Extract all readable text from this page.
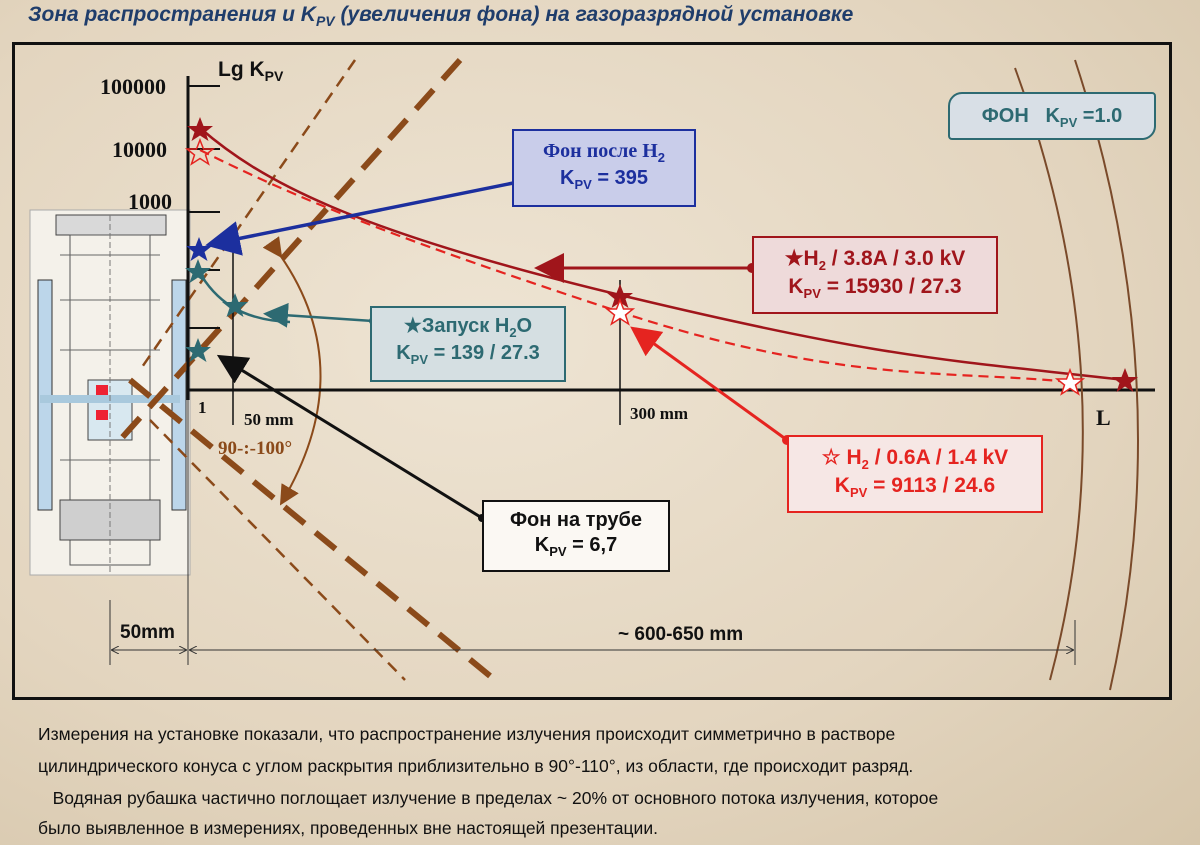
Зона распространения и $K_{PV}$ (увеличения фона) на газоразрядной установке
Lg $K_{PV}$
100000
10000
1000
1
50 mm	300 mm	L
90-:-100°
ФОН $K_{PV} =1.0$
Фон после $H_2$
$K_{PV} = 395$
$★H_2 / 3.8A / 3.0$ kV
$K_{PV} = 15930 / 27.3$
★Запуск $H_2O$
$K_{PV} = 139 / 27.3$
☆ $H_2 / 0.6A / 1.4$ kV
$K_{PV} = 9113 / 24.6$
Фон на трубе
$K_{PV} = 6,7$
50mm	~ 600-650 mm
Измерения на установке показали, что распространение излучения происходит симметрично в растворе
цилиндрического конуса с углом раскрытия приблизительно в 90°-110°, из области, где происходит разряд.
Водяная рубашка частично поглощает излучение в пределах ~ 20% от основного потока излучения, которое
было выявленное в измерениях, проведенных вне настоящей презентации.
